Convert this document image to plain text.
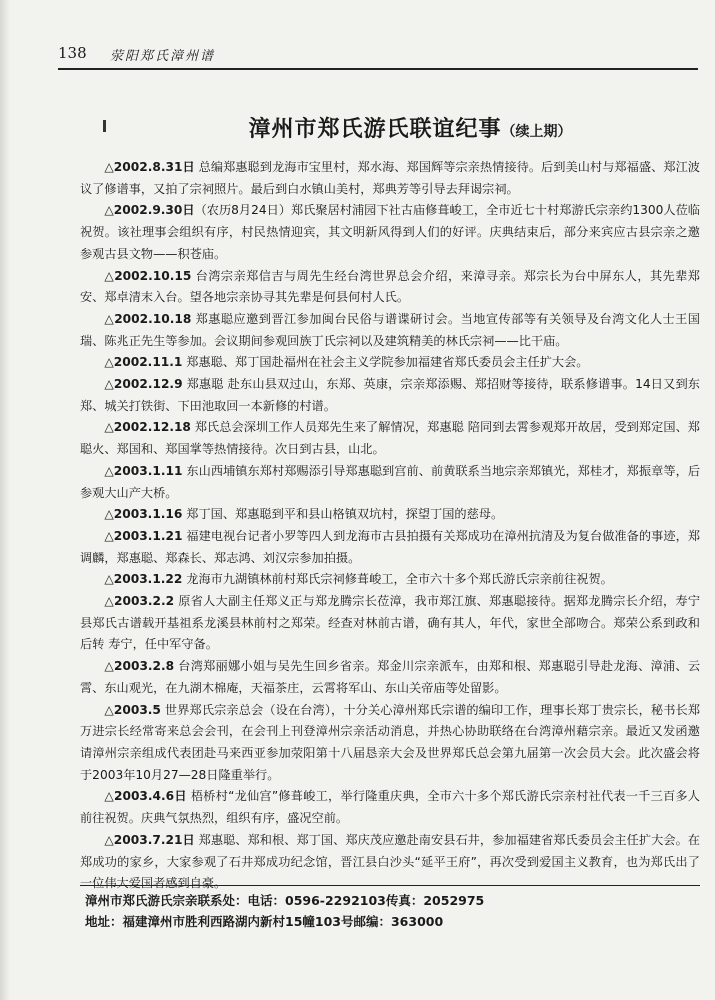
138 荥阳郑氏漳州谱
漳州市郑氏游氏联谊纪事（续上期）

△2002.8.31日 总编郑惠聪到龙海市宝里村，郑水海、郑国辉等宗亲热情接待。后到美山村与郑福盛、郑江波议了修谱事，又拍了宗祠照片。最后到白水镇山美村，郑典芳等引导去拜谒宗祠。

△2002.9.30日（农历8月24日）郑氏聚居村浦园下社古庙修葺峻工，全市近七十村郑游氏宗亲约1300人莅临祝贺。该社理事会组织有序，村民热情迎宾，其文明新风得到人们的好评。庆典结束后，部分来宾应古县宗亲之邀参观古县文物——积苍庙。

△2002.10.15 台湾宗亲郑信吉与周先生经台湾世界总会介绍，来漳寻亲。郑宗长为台中屏东人，其先辈郑安、郑卓清末入台。望各地宗亲协寻其先辈是何县何村人氏。

△2002.10.18 郑惠聪应邀到晋江参加闽台民俗与谱谍研讨会。当地宣传部等有关领导及台湾文化人士王国瑞、陈兆正先生等参加。会议期间参观回族丁氏宗祠以及建筑精美的林氏宗祠——比干庙。

△2002.11.1 郑惠聪、郑丁国赴福州在社会主义学院参加福建省郑氏委员会主任扩大会。

△2002.12.9 郑惠聪 赴东山县双过山，东郑、英康，宗亲郑添赐、郑招财等接待，联系修谱事。14日又到东郑、城关打铁街、下田池取回一本新修的村谱。

△2002.12.18 郑氏总会深圳工作人员郑先生来了解情况，郑惠聪 陪同到去霄参观郑开故居，受到郑定国、郑聪火、郑国和、郑国掌等热情接待。次日到古县，山北。

△2003.1.11 东山西埔镇东郑村郑赐添引导郑惠聪到宫前、前黄联系当地宗亲郑镇光，郑桂才，郑振章等，后参观大山产大桥。

△2003.1.16 郑丁国、郑惠聪到平和县山格镇双坑村，探望丁国的慈母。

△2003.1.21 福建电视台记者小罗等四人到龙海市古县拍摄有关郑成功在漳州抗清及为复台做准备的事迹，郑调麟，郑惠聪、郑森长、郑志鸿、刘汉宗参加拍摄。

△2003.1.22 龙海市九湖镇林前村郑氏宗祠修葺峻工，全市六十多个郑氏游氏宗亲前往祝贺。

△2003.2.2 原省人大副主任郑义正与郑龙腾宗长莅漳，我市郑江旗、郑惠聪接待。据郑龙腾宗长介绍，寿宁县郑氏古谱载开基祖系龙溪县林前村之郑荣。经查对林前古谱，确有其人，年代，家世全部吻合。郑荣公系到政和后转 寿宁，任中军守备。

△2003.2.8 台湾郑丽娜小姐与吴先生回乡省亲。郑金川宗亲派车，由郑和根、郑惠聪引导赴龙海、漳浦、云霄、东山观光，在九湖木棉庵，天福茶庄，云霄将军山、东山关帝庙等处留影。

△2003.5 世界郑氏宗亲总会（设在台湾），十分关心漳州郑氏宗谱的编印工作，理事长郑丁贵宗长，秘书长郑万进宗长经常寄来总会会刊，在会刊上刊登漳州宗亲活动消息，并热心协助联络在台湾漳州藉宗亲。最近又发函邀请漳州宗亲组成代表团赴马来西亚参加荥阳第十八届恳亲大会及世界郑氏总会第九届第一次会员大会。此次盛会将于2003年10月27—28日隆重举行。

△2003.4.6日 梧桥村“龙仙宫”修葺峻工，举行隆重庆典，全市六十多个郑氏游氏宗亲村社代表一千三百多人前往祝贺。庆典气氛热烈，组织有序，盛况空前。

△2003.7.21日 郑惠聪、郑和根、郑丁国、郑庆茂应邀赴南安县石井，参加福建省郑氏委员会主任扩大会。在郑成功的家乡，大家参观了石井郑成功纪念馆，晋江县白沙头“延平王府”，再次受到爱国主义教育，也为郑氏出了一位伟大爱国者感到自豪。

漳州市郑氏游氏宗亲联系处：电话：0596-2292103传真：2052975
地址：福建漳州市胜利西路湖内新村15幢103号邮编：363000
